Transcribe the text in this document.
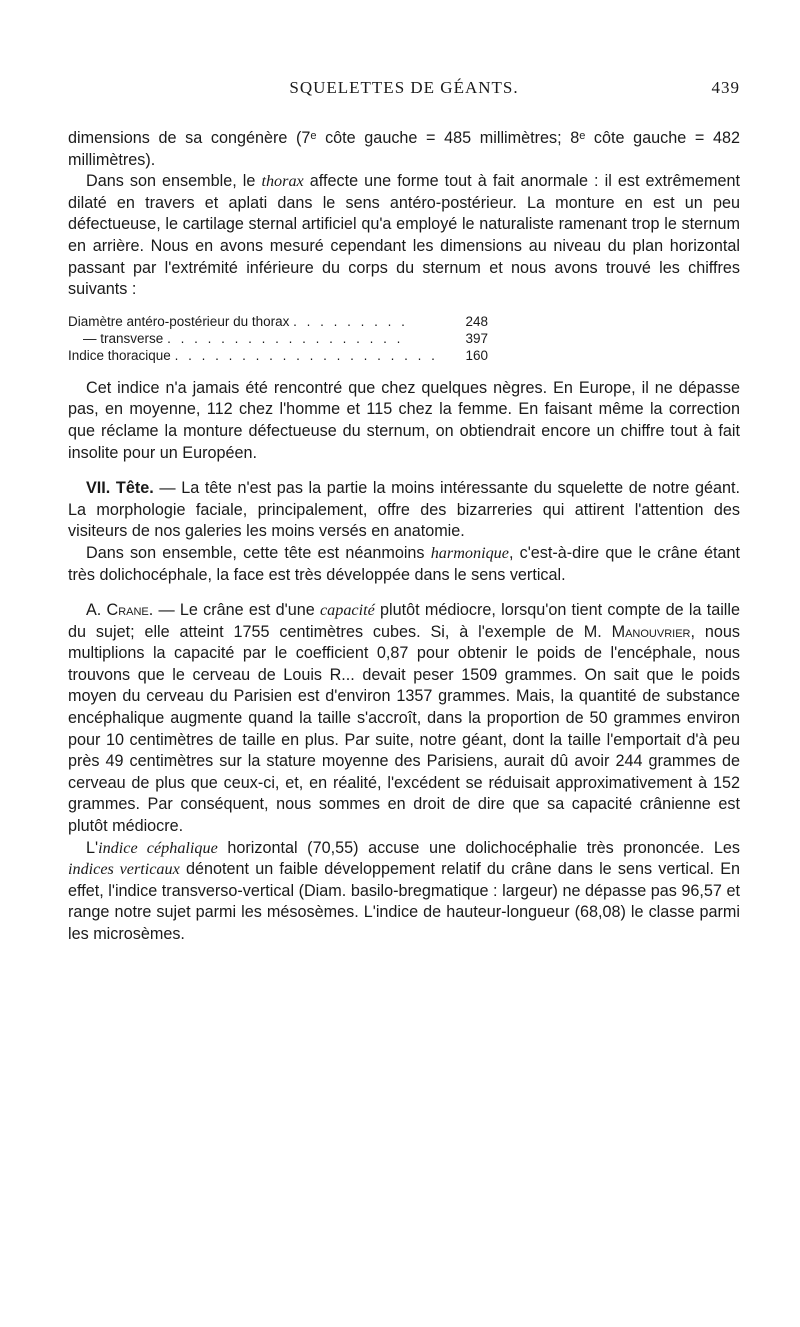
SQUELETTES DE GÉANTS.	439

dimensions de sa congénère (7ᵉ côte gauche = 485 millimètres; 8ᵉ côte gauche = 482 millimètres).

Dans son ensemble, le thorax affecte une forme tout à fait anormale : il est extrêmement dilaté en travers et aplati dans le sens antéro-postérieur. La monture en est un peu défectueuse, le cartilage sternal artificiel qu'a employé le naturaliste ramenant trop le sternum en arrière. Nous en avons mesuré cependant les dimensions au niveau du plan horizontal passant par l'extrémité inférieure du corps du sternum et nous avons trouvé les chiffres suivants :

Diamètre antéro-postérieur du thorax . . . . . . . . .	248
— transverse . . . . . . . . . . . . . . . . . .	397
Indice thoracique . . . . . . . . . . . . . . . . . . . .	160

Cet indice n'a jamais été rencontré que chez quelques nègres. En Europe, il ne dépasse pas, en moyenne, 112 chez l'homme et 115 chez la femme. En faisant même la correction que réclame la monture défectueuse du sternum, on obtiendrait encore un chiffre tout à fait insolite pour un Européen.

VII. Tête. — La tête n'est pas la partie la moins intéressante du squelette de notre géant. La morphologie faciale, principalement, offre des bizarreries qui attirent l'attention des visiteurs de nos galeries les moins versés en anatomie.

Dans son ensemble, cette tête est néanmoins harmonique, c'est-à-dire que le crâne étant très dolichocéphale, la face est très développée dans le sens vertical.

A. Crane. — Le crâne est d'une capacité plutôt médiocre, lorsqu'on tient compte de la taille du sujet; elle atteint 1755 centimètres cubes. Si, à l'exemple de M. Manouvrier, nous multiplions la capacité par le coefficient 0,87 pour obtenir le poids de l'encéphale, nous trouvons que le cerveau de Louis R... devait peser 1509 grammes. On sait que le poids moyen du cerveau du Parisien est d'environ 1357 grammes. Mais, la quantité de substance encéphalique augmente quand la taille s'accroît, dans la proportion de 50 grammes environ pour 10 centimètres de taille en plus. Par suite, notre géant, dont la taille l'emportait d'à peu près 49 centimètres sur la stature moyenne des Parisiens, aurait dû avoir 244 grammes de cerveau de plus que ceux-ci, et, en réalité, l'excédent se réduisait approximativement à 152 grammes. Par conséquent, nous sommes en droit de dire que sa capacité crânienne est plutôt médiocre.

L'indice céphalique horizontal (70,55) accuse une dolichocéphalie très prononcée. Les indices verticaux dénotent un faible développement relatif du crâne dans le sens vertical. En effet, l'indice transverso-vertical (Diam. basilo-bregmatique : largeur) ne dépasse pas 96,57 et range notre sujet parmi les mésosèmes. L'indice de hauteur-longueur (68,08) le classe parmi les microsèmes.
